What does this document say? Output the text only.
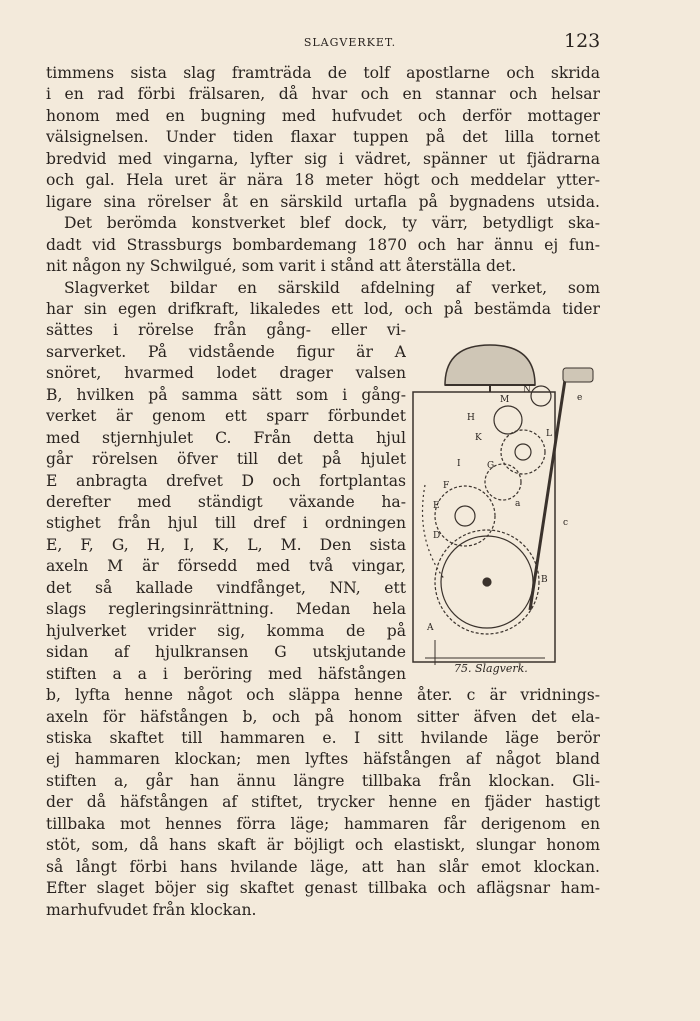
SLAGVERKET.	123
timmens sista slag framträda de tolf apostlarne och skrida
i en rad förbi frälsaren, då hvar och en stannar och helsar
honom med en bugning med hufvudet och derför mottager
välsignelsen. Under tiden flaxar tuppen på det lilla tornet
bredvid med vingarna, lyfter sig i vädret, spänner ut fjädrarna
och gal. Hela uret är nära 18 meter högt och meddelar ytter-
ligare sina rörelser åt en särskild urtafla på bygnadens utsida.
Det berömda konstverket blef dock, ty värr, betydligt ska-
dadt vid Strassburgs bombardemang 1870 och har ännu ej fun-
nit någon ny Schwilgué, som varit i stånd att återställa det.
Slagverket bildar en särskild afdelning af verket, som
har sin egen drifkraft, likaledes ett lod, och på bestämda tider
sättes i rörelse från gång- eller vi-
sarverket. På vidstående figur är A
snöret, hvarmed lodet drager valsen
B, hvilken på samma sätt som i gång-
verket är genom ett sparr förbundet
med stjernhjulet C. Från detta hjul
går rörelsen öfver till det på hjulet
E anbragta drefvet D och fortplantas
derefter med ständigt växande ha-
stighet från hjul till dref i ordningen
E, F, G, H, I, K, L, M. Den sista
axeln M är försedd med två vingar,
det så kallade vindfånget, NN, ett
slags regleringsinrättning. Medan hela
hjulverket vrider sig, komma de på
sidan af hjulkransen G utskjutande
stiften a a i beröring med häfstången
b, lyfta henne något och släppa henne åter. c är vridnings-
axeln för häfstången b, och på honom sitter äfven det ela-
stiska skaftet till hammaren e. I sitt hvilande läge berör
ej hammaren klockan; men lyftes häfstången af något bland
stiften a, går han ännu längre tillbaka från klockan. Gli-
der då häfstången af stiftet, trycker henne en fjäder hastigt
tillbaka mot hennes förra läge; hammaren får derigenom en
stöt, som, då hans skaft är böjligt och elastiskt, slungar honom
så långt förbi hans hvilande läge, att han slår emot klockan.
Efter slaget böjer sig skaftet genast tillbaka och aflägsnar ham-
marhufvudet från klockan.
M
N
e
H
K
I	G
L
F
E
D
a
c
B
A
75. Slagverk.
